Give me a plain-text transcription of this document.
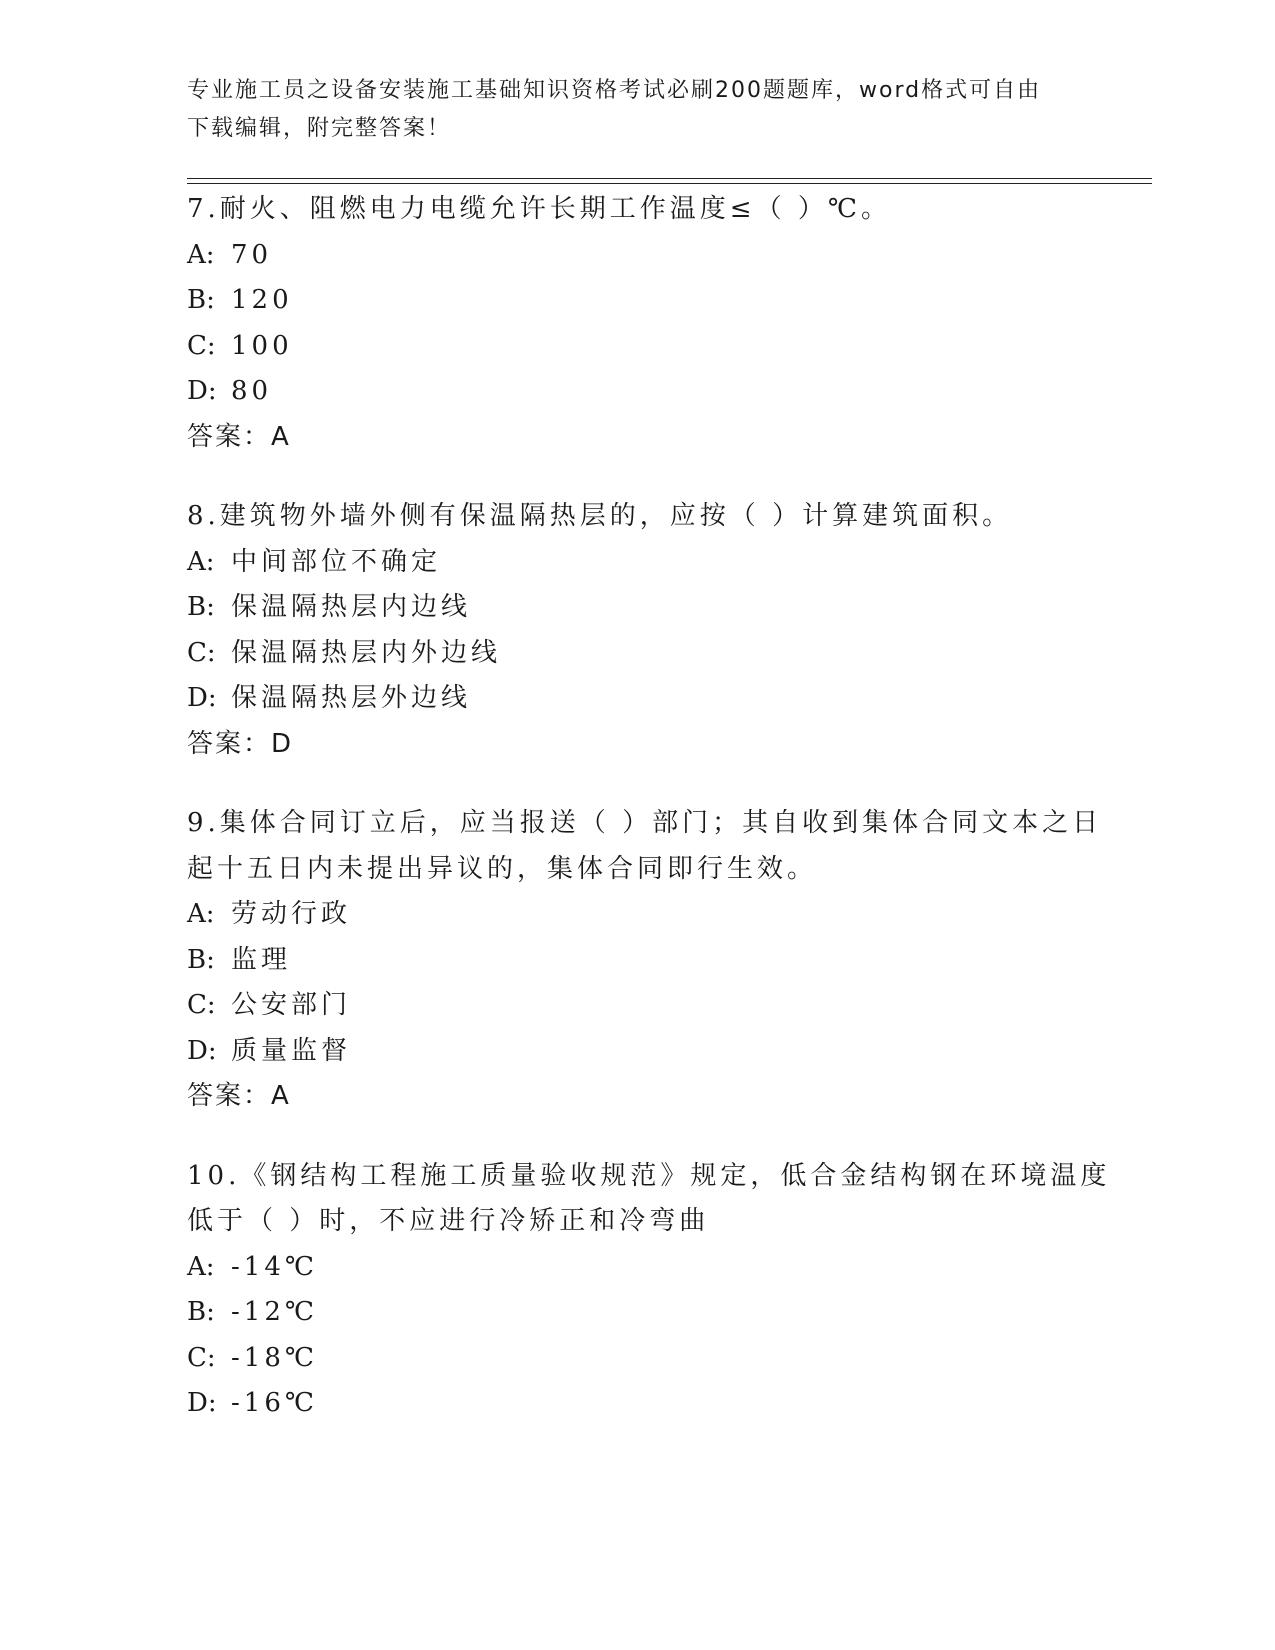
专业施工员之设备安装施工基础知识资格考试必刷200题题库，word格式可自由
下载编辑，附完整答案！
7.耐火、阻燃电力电缆允许长期工作温度≤（ ）℃。
A: 70
B: 120
C: 100
D: 80
答案：A
8.建筑物外墙外侧有保温隔热层的，应按（ ）计算建筑面积。
A: 中间部位不确定
B: 保温隔热层内边线
C: 保温隔热层内外边线
D: 保温隔热层外边线
答案：D
9.集体合同订立后，应当报送（ ）部门；其自收到集体合同文本之日
起十五日内未提出异议的，集体合同即行生效。
A: 劳动行政
B: 监理
C: 公安部门
D: 质量监督
答案：A
10.《钢结构工程施工质量验收规范》规定，低合金结构钢在环境温度
低于（ ）时，不应进行冷矫正和冷弯曲
A: -14℃
B: -12℃
C: -18℃
D: -16℃
